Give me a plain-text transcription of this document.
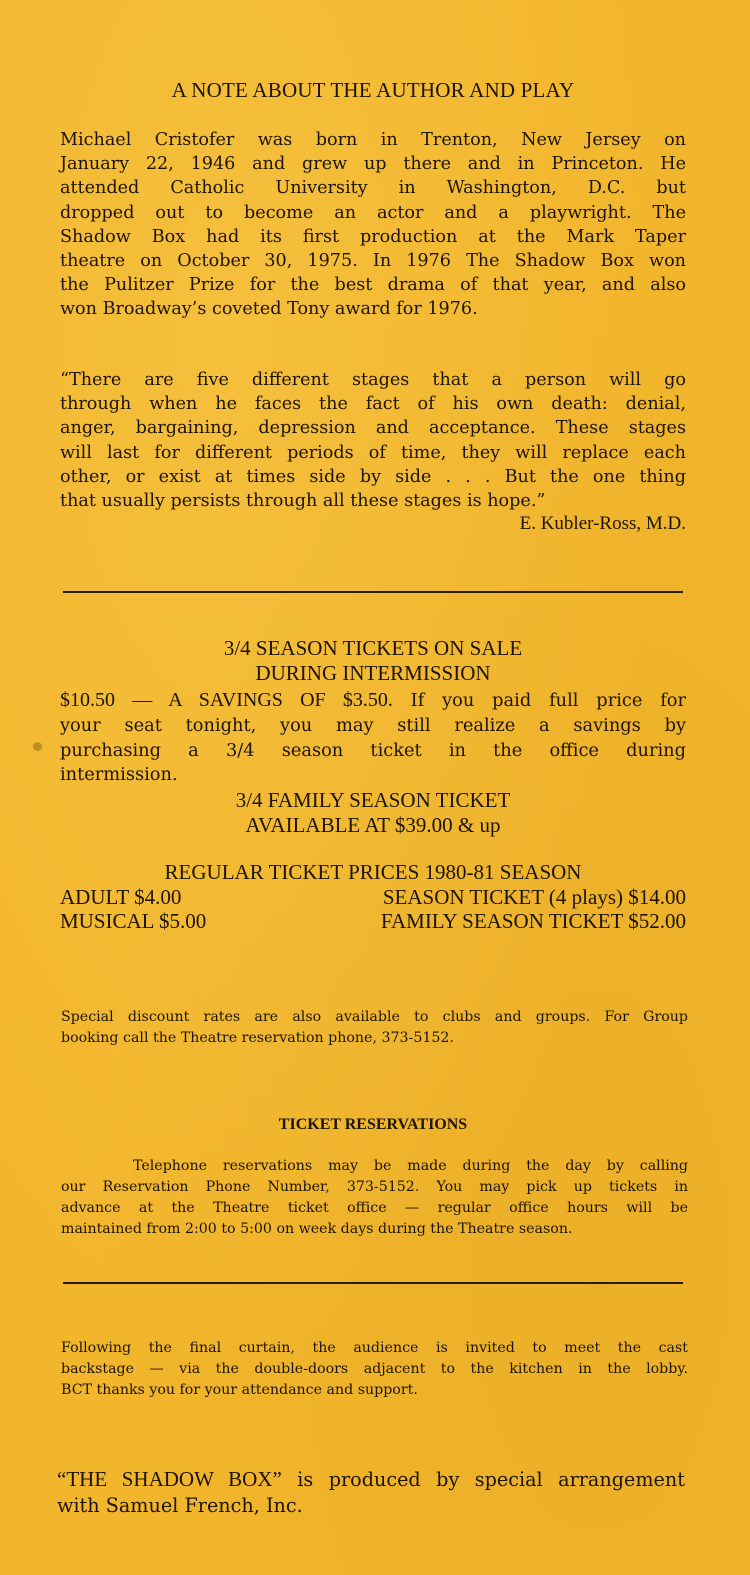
A NOTE ABOUT THE AUTHOR AND PLAY
Michael Cristofer was born in Trenton, New Jersey on
January 22, 1946 and grew up there and in Princeton. He
attended Catholic University in Washington, D.C. but
dropped out to become an actor and a playwright. The
Shadow Box had its first production at the Mark Taper
theatre on October 30, 1975. In 1976 The Shadow Box won
the Pulitzer Prize for the best drama of that year, and also
won Broadway’s coveted Tony award for 1976.
“There are five different stages that a person will go
through when he faces the fact of his own death: denial,
anger, bargaining, depression and acceptance. These stages
will last for different periods of time, they will replace each
other, or exist at times side by side . . . But the one thing
that usually persists through all these stages is hope.”
E. Kubler-Ross, M.D.
3/4 SEASON TICKETS ON SALE
DURING INTERMISSION
$10.50 — A SAVINGS OF $3.50. If you paid full price for
your seat tonight, you may still realize a savings by
purchasing a 3/4 season ticket in the office during
intermission.
3/4 FAMILY SEASON TICKET
AVAILABLE AT $39.00 & up
REGULAR TICKET PRICES 1980-81 SEASON
ADULT $4.00	SEASON TICKET (4 plays) $14.00
MUSICAL $5.00	FAMILY SEASON TICKET $52.00
Special discount rates are also available to clubs and groups. For Group
booking call the Theatre reservation phone, 373-5152.
TICKET RESERVATIONS
Telephone reservations may be made during the day by calling
our Reservation Phone Number, 373-5152. You may pick up tickets in
advance at the Theatre ticket office — regular office hours will be
maintained from 2:00 to 5:00 on week days during the Theatre season.
Following the final curtain, the audience is invited to meet the cast
backstage — via the double-doors adjacent to the kitchen in the lobby.
BCT thanks you for your attendance and support.
“THE SHADOW BOX” is produced by special arrangement
with Samuel French, Inc.
